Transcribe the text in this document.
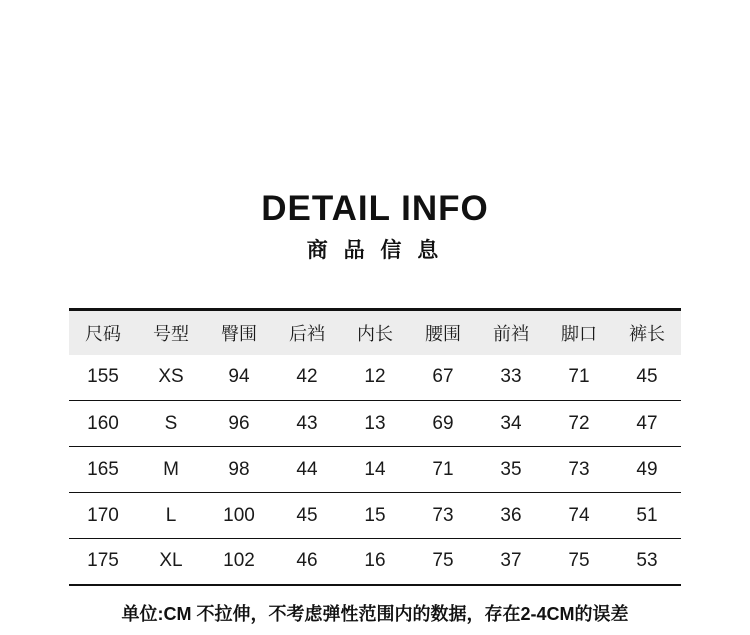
DETAIL INFO
商 品 信 息
尺码	号型	臀围	后裆	内长	腰围	前裆	脚口	裤长
155	XS	94	42	12	67	33	71	45
160	S	96	43	13	69	34	72	47
165	M	98	44	14	71	35	73	49
170	L	100	45	15	73	36	74	51
175	XL	102	46	16	75	37	75	53
单位:CM 不拉伸，不考虑弹性范围内的数据，存在2-4CM的误差
